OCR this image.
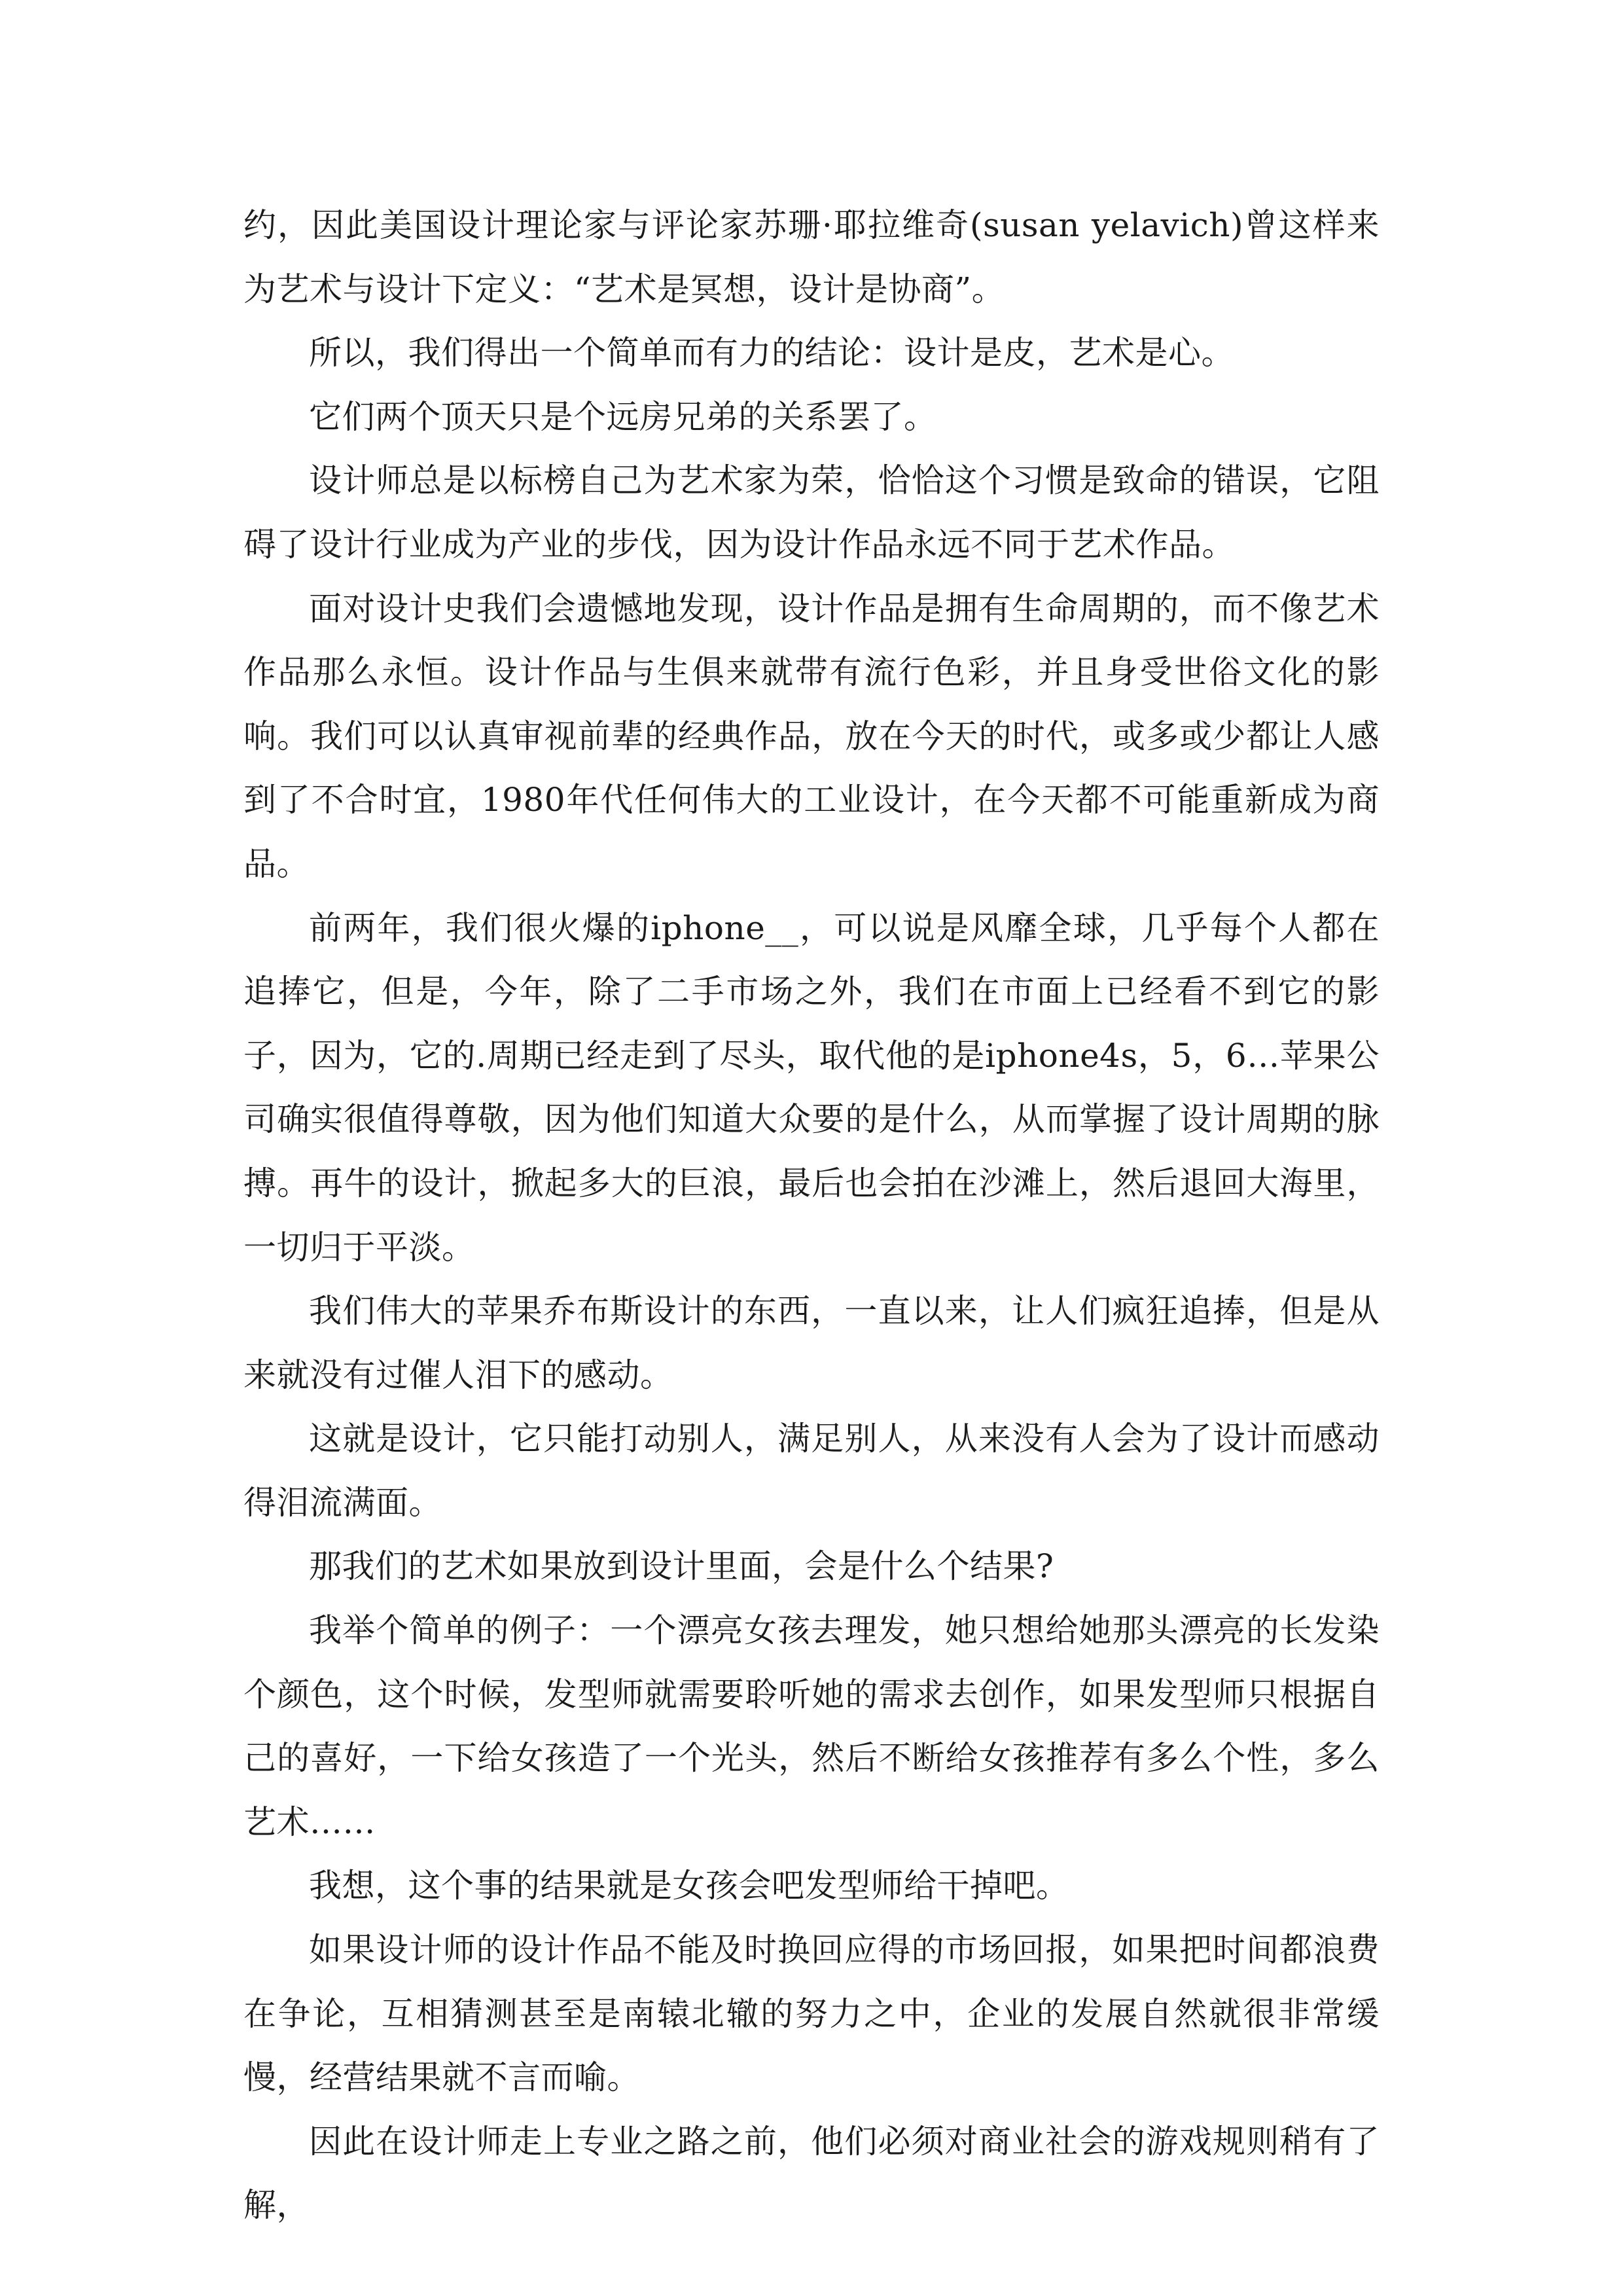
约，因此美国设计理论家与评论家苏珊·耶拉维奇(susan yelavich)曾这样来为艺术与设计下定义：“艺术是冥想，设计是协商”。

所以，我们得出一个简单而有力的结论：设计是皮，艺术是心。

它们两个顶天只是个远房兄弟的关系罢了。

设计师总是以标榜自己为艺术家为荣，恰恰这个习惯是致命的错误，它阻碍了设计行业成为产业的步伐，因为设计作品永远不同于艺术作品。

面对设计史我们会遗憾地发现，设计作品是拥有生命周期的，而不像艺术作品那么永恒。设计作品与生俱来就带有流行色彩，并且身受世俗文化的影响。我们可以认真审视前辈的经典作品，放在今天的时代，或多或少都让人感到了不合时宜，1980年代任何伟大的工业设计，在今天都不可能重新成为商品。

前两年，我们很火爆的iphone__，可以说是风靡全球，几乎每个人都在追捧它，但是，今年，除了二手市场之外，我们在市面上已经看不到它的影子，因为，它的.周期已经走到了尽头，取代他的是iphone4s，5，6…苹果公司确实很值得尊敬，因为他们知道大众要的是什么，从而掌握了设计周期的脉搏。再牛的设计，掀起多大的巨浪，最后也会拍在沙滩上，然后退回大海里，一切归于平淡。

我们伟大的苹果乔布斯设计的东西，一直以来，让人们疯狂追捧，但是从来就没有过催人泪下的感动。

这就是设计，它只能打动别人，满足别人，从来没有人会为了设计而感动得泪流满面。

那我们的艺术如果放到设计里面，会是什么个结果?

我举个简单的例子：一个漂亮女孩去理发，她只想给她那头漂亮的长发染个颜色，这个时候，发型师就需要聆听她的需求去创作，如果发型师只根据自己的喜好，一下给女孩造了一个光头，然后不断给女孩推荐有多么个性，多么艺术……

我想，这个事的结果就是女孩会吧发型师给干掉吧。

如果设计师的设计作品不能及时换回应得的市场回报，如果把时间都浪费在争论，互相猜测甚至是南辕北辙的努力之中，企业的发展自然就很非常缓慢，经营结果就不言而喻。

因此在设计师走上专业之路之前，他们必须对商业社会的游戏规则稍有了解，
